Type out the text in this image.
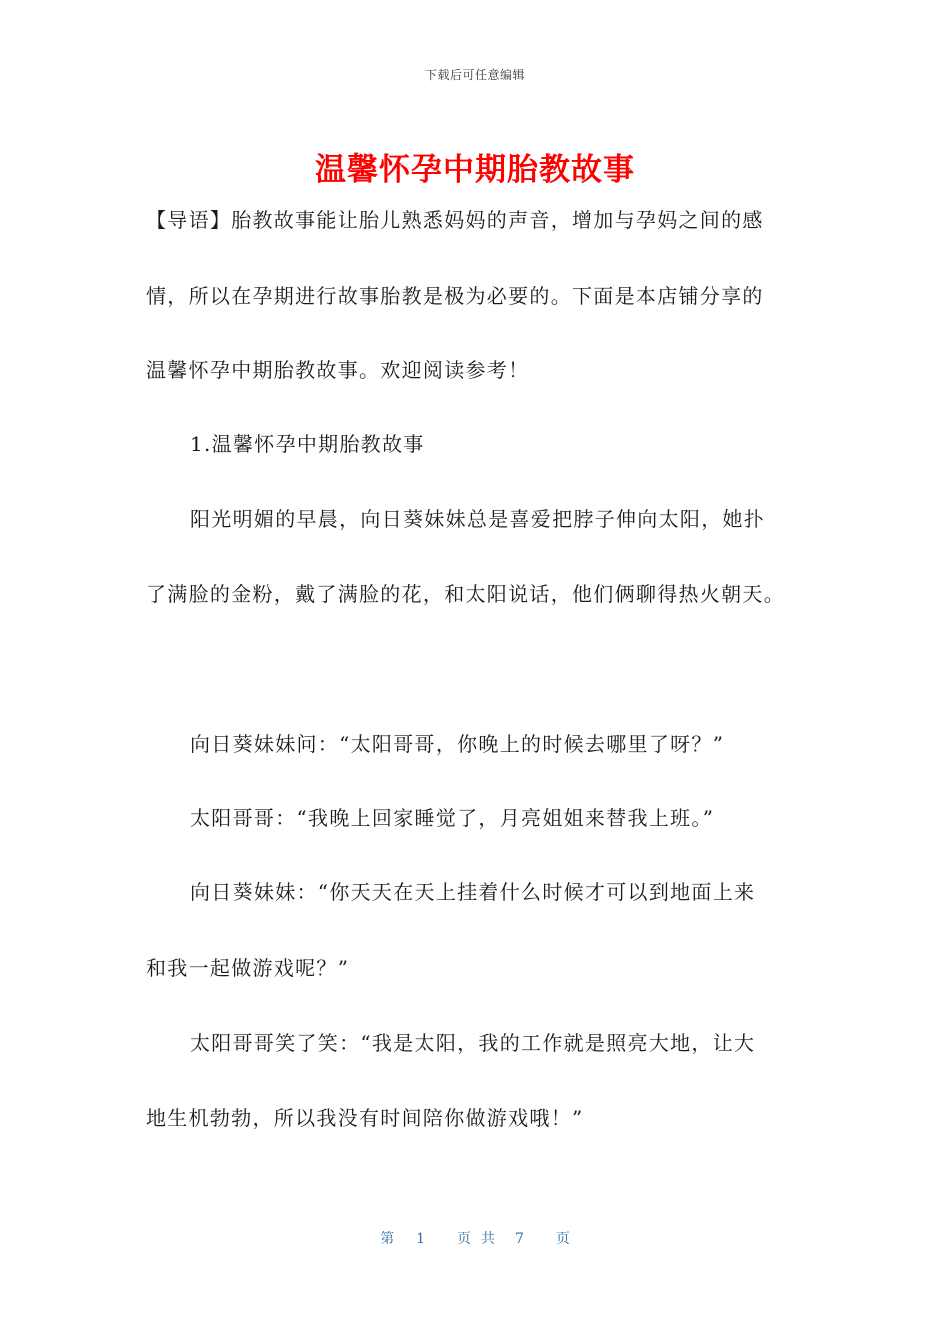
下载后可任意编辑
温馨怀孕中期胎教故事
【导语】胎教故事能让胎儿熟悉妈妈的声音，增加与孕妈之间的感
情，所以在孕期进行故事胎教是极为必要的。下面是本店铺分享的
温馨怀孕中期胎教故事。欢迎阅读参考！
1.温馨怀孕中期胎教故事
阳光明媚的早晨，向日葵妹妹总是喜爱把脖子伸向太阳，她扑
了满脸的金粉，戴了满脸的花，和太阳说话，他们俩聊得热火朝天。
向日葵妹妹问：“太阳哥哥，你晚上的时候去哪里了呀？”
太阳哥哥：“我晚上回家睡觉了，月亮姐姐来替我上班。”
向日葵妹妹：“你天天在天上挂着什么时候才可以到地面上来
和我一起做游戏呢？”
太阳哥哥笑了笑：“我是太阳，我的工作就是照亮大地，让大
地生机勃勃，所以我没有时间陪你做游戏哦！”
第 1 页共 7 页
